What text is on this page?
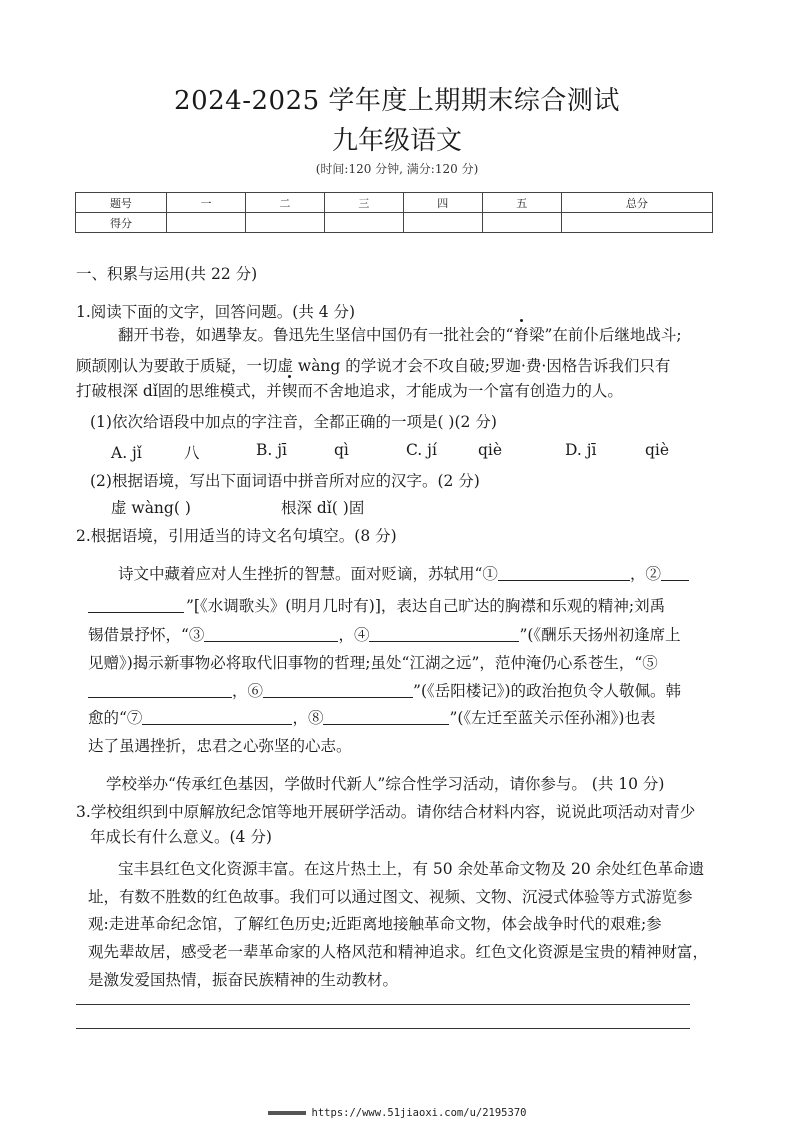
2024-2025 学年度上期期末综合测试
九年级语文
(时间:120 分钟, 满分:120 分)
题号	一	二	三	四	五	总分
得分						
一、积累与运用(共 22 分)
1.阅读下面的文字，回答问题。(共 4 分)
翻开书卷，如遇挚友。鲁迅先生坚信中国仍有一批社会的“脊梁”在前仆后继地战斗;
顾颉刚认为要敢于质疑，一切虚 wàng 的学说才会不攻自破;罗迦·费·因格告诉我们只有
打破根深 dǐ固的思维模式，并锲而不舍地追求，才能成为一个富有创造力的人。
(1)依次给语段中加点的字注音，全都正确的一项是( )(2 分)
A. jǐ	八	B. jī	qì	C. jí	qiè	D. jī	qiè
(2)根据语境，写出下面词语中拼音所对应的汉字。(2 分)
虚 wàng( )	根深 dǐ( )固
2.根据语境，引用适当的诗文名句填空。(8 分)
诗文中藏着应对人生挫折的智慧。面对贬谪，苏轼用“①	，②
”[《水调歌头》(明月几时有)]，表达自己旷达的胸襟和乐观的精神;刘禹
锡借景抒怀，“③	，④	”(《酬乐天扬州初逢席上
见赠》)揭示新事物必将取代旧事物的哲理;虽处“江湖之远”，范仲淹仍心系苍生，“⑤
，⑥	”(《岳阳楼记》)的政治抱负令人敬佩。韩
愈的“⑦	，⑧	”(《左迁至蓝关示侄孙湘》)也表
达了虽遇挫折，忠君之心弥坚的心志。
学校举办“传承红色基因，学做时代新人”综合性学习活动，请你参与。 (共 10 分)
3.学校组织到中原解放纪念馆等地开展研学活动。请你结合材料内容，说说此项活动对青少
年成长有什么意义。(4 分)
宝丰县红色文化资源丰富。在这片热土上，有 50 余处革命文物及 20 余处红色革命遗
址，有数不胜数的红色故事。我们可以通过图文、视频、文物、沉浸式体验等方式游览参
观:走进革命纪念馆，了解红色历史;近距离地接触革命文物，体会战争时代的艰难;参
观先辈故居，感受老一辈革命家的人格风范和精神追求。红色文化资源是宝贵的精神财富，
是激发爱国热情，振奋民族精神的生动教材。
https://www.51jiaoxi.com/u/2195370
